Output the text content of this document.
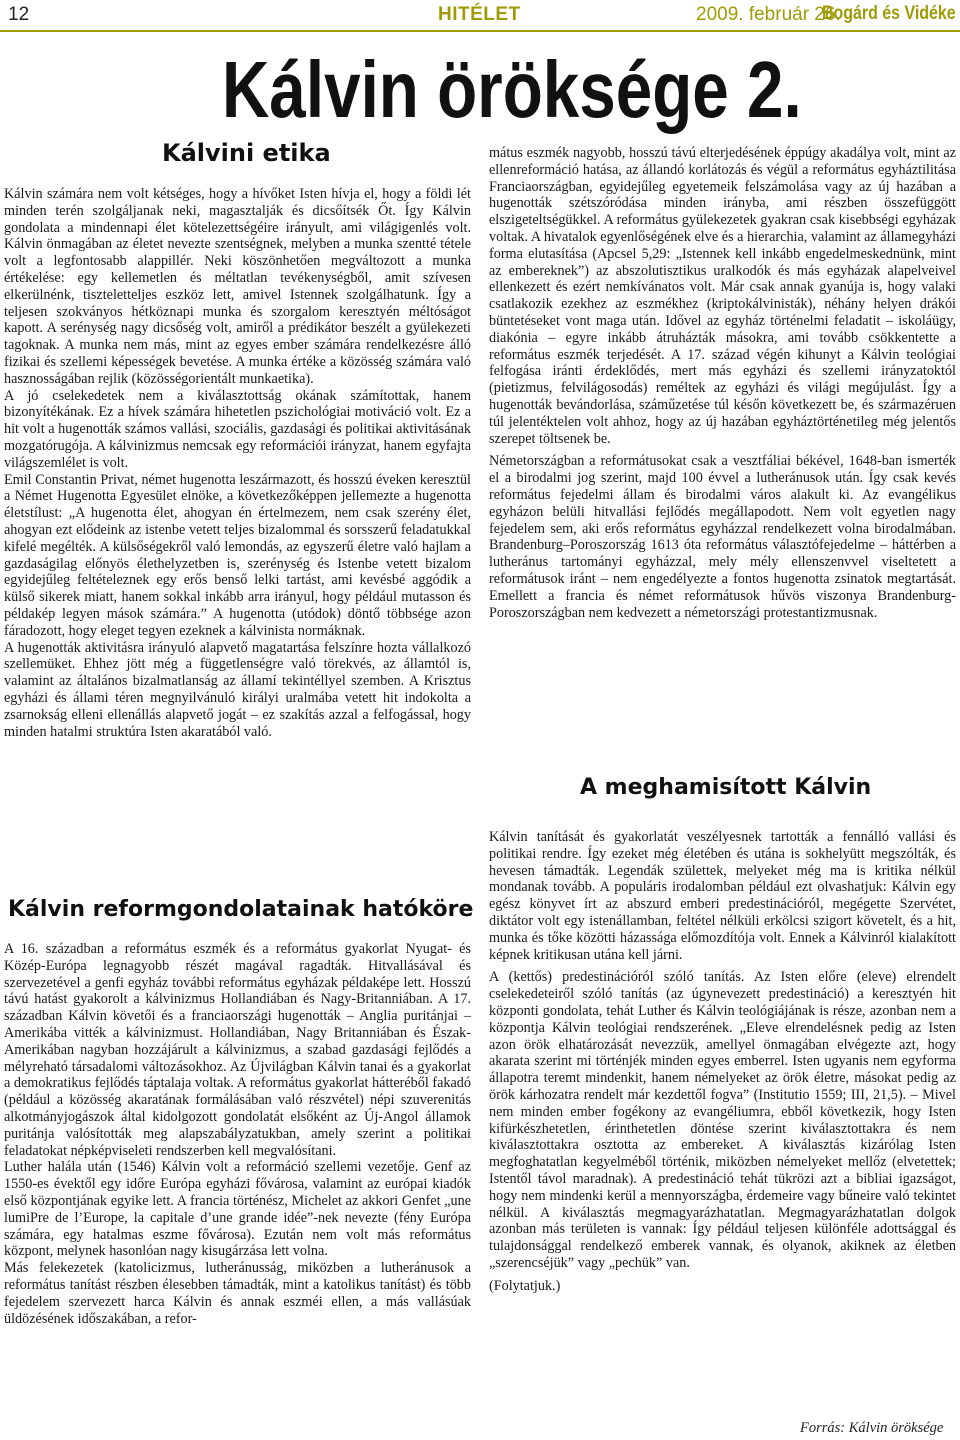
12	HITÉLET	2009. február 26.
Bogárd és Vidéke
Kálvin öröksége 2.
Kálvini etika

Kálvin számára nem volt kétséges, hogy a hívőket Isten hívja el, hogy a földi lét minden terén szolgáljanak neki, magasztalják és dicsőítsék Őt. Így Kálvin gondolata a mindennapi élet kötelezettségéire irányult, ami világigenlés volt. Kálvin önmagában az életet nevezte szentségnek, melyben a munka szentté tétele volt a legfontosabb alappillér. Neki köszönhetően megváltozott a munka értékelése: egy kellemetlen és méltatlan tevékenységből, amit szívesen elkerülnénk, tiszteletteljes eszköz lett, amivel Istennek szolgálhatunk. Így a teljesen szokványos hétköznapi munka és szorgalom keresztyén méltóságot kapott. A serénység nagy dicsőség volt, amiről a prédikátor beszélt a gyülekezeti tagoknak. A munka nem más, mint az egyes ember számára rendelkezésre álló fizikai és szellemi képességek bevetése. A munka értéke a közösség számára való hasznosságában rejlik (közösségorientált munkaetika).

A jó cselekedetek nem a kiválasztottság okának számítottak, hanem bizonyítékának. Ez a hívek számára hihetetlen pszichológiai motiváció volt. Ez a hit volt a hugenották számos vallási, szociális, gazdasági és politikai aktivitásának mozgatórugója. A kálvinizmus nemcsak egy reformációi irányzat, hanem egyfajta világszemlélet is volt.

Emil Constantin Privat, német hugenotta leszármazott, és hosszú éveken keresztül a Német Hugenotta Egyesület elnöke, a következőképpen jellemezte a hugenotta életstílust: „A hugenotta élet, ahogyan én értelmezem, nem csak szerény élet, ahogyan ezt elődeink az istenbe vetett teljes bizalommal és sorsszerű feladatukkal kifelé megélték. A külsőségekről való lemondás, az egyszerű életre való hajlam a gazdaságilag előnyös élethelyzetben is, szerénység és Istenbe vetett bizalom egyidejűleg feltételeznek egy erős benső lelki tartást, ami kevésbé aggódik a külső sikerek miatt, hanem sokkal inkább arra irányul, hogy például mutasson és példakép legyen mások számára.” A hugenotta (utódok) döntő többsége azon fáradozott, hogy eleget tegyen ezeknek a kálvinista normáknak.

A hugenották aktivitásra irányuló alapvető magatartása felszínre hozta vállalkozó szellemüket. Ehhez jött még a függetlenségre való törekvés, az államtól is, valamint az általános bizalmatlanság az államí tekintéllyel szemben. A Krisztus egyházi és állami téren megnyilvánuló királyi uralmába vetett hit indokolta a zsarnokság elleni ellenállás alapvető jogát – ez szakítás azzal a felfogással, hogy minden hatalmi struktúra Isten akaratából való.

Kálvin reformgondolatainak hatóköre

A 16. században a református eszmék és a református gyakorlat Nyugat- és Közép-Európa legnagyobb részét magával ragadták. Hitvallásával és szervezetével a genfi egyház további református egyházak példaképe lett. Hosszú távú hatást gyakorolt a kálvinizmus Hollandiában és Nagy-Britanniában. A 17. században Kálvin követői és a franciaországi hugenották – Anglia puritánjai – Amerikába vitték a kálvinizmust. Hollandiában, Nagy Britanniában és Észak-Amerikában nagyban hozzájárult a kálvinizmus, a szabad gazdasági fejlődés a mélyreható társadalomi változásokhoz. Az Újvilágban Kálvin tanai és a gyakorlat a demokratikus fejlődés táptalaja voltak. A református gyakorlat hátteréből fakadó (például a közösség akaratának formálásában való részvétel) népi szuverenitás alkotmányjogászok által kidolgozott gondolatát elsőként az Új-Angol államok puritánja valósították meg alapszabályzatukban, amely szerint a politikai feladatokat népképviseleti rendszerben kell megvalósítani.

Luther halála után (1546) Kálvin volt a reformáció szellemi vezetője. Genf az 1550-es évektől egy időre Európa egyházi fővárosa, valamint az európai kiadók első központjának egyike lett. A francia történész, Michelet az akkori Genfet „une lumiPre de l’Europe, la capitale d’une grande idée”-nek nevezte (fény Európa számára, egy hatalmas eszme fővárosa). Ezután nem volt más református központ, melynek hasonlóan nagy kisugárzása lett volna.

Más felekezetek (katolicizmus, lutheránusság, miközben a lutheránusok a református tanítást részben élesebben támadták, mint a katolikus tanítást) és több fejedelem szervezett harca Kálvin és annak eszméi ellen, a más vallásúak üldözésének időszakában, a refor-

mátus eszmék nagyobb, hosszú távú elterjedésének éppúgy akadálya volt, mint az ellenreformáció hatása, az állandó korlátozás és végül a református egyháztilitása Franciaországban, egyidejűleg egyetemeik felszámolása vagy az új hazában a hugenották szétszóródása minden irányba, ami részben összefüggött elszigeteltségükkel. A református gyülekezetek gyakran csak kisebbségi egyházak voltak. A hivatalok egyenlőségének elve és a hierarchia, valamint az államegyházi forma elutasítása (Apcsel 5,29: „Istennek kell inkább engedelmeskednünk, mint az embereknek”) az abszolutisztikus uralkodók és más egyházak alapelveivel ellenkezett és ezért nemkívánatos volt. Már csak annak gyanúja is, hogy valaki csatlakozik ezekhez az eszmékhez (kriptokálvinisták), néhány helyen drákói büntetéseket vont maga után. Idővel az egyház történelmi feladatit – iskoláügy, diakónia – egyre inkább átruházták másokra, ami tovább csökkentette a református eszmék terjedését. A 17. század végén kihunyt a Kálvin teológiai felfogása iránti érdeklődés, mert más egyházi és szellemi irányzatoktól (pietizmus, felvilágosodás) reméltek az egyházi és világi megújulást. Így a hugenották bevándorlása, száműzetése túl későn következett be, és származéruen túl jelentéktelen volt ahhoz, hogy az új hazában egyháztörténetileg még jelentős szerepet töltsenek be.

Németországban a reformátusokat csak a vesztfáliai békével, 1648-ban ismerték el a birodalmi jog szerint, majd 100 évvel a lutheránusok után. Így csak kevés református fejedelmi állam és birodalmi város alakult ki. Az evangélikus egyházon belüli hitvallási fejlődés megállapodott. Nem volt egyetlen nagy fejedelem sem, aki erős református egyházzal rendelkezett volna birodalmában. Brandenburg–Poroszország 1613 óta református választófejedelme – háttérben a lutheránus tartományi egyházzal, mely mély ellenszenvvel viseltetett a reformátusok iránt – nem engedélyezte a fontos hugenotta zsinatok megtartását. Emellett a francia és német reformátusok hűvös viszonya Brandenburg-Poroszországban nem kedvezett a németországi protestantizmusnak.

A meghamisított Kálvin

Kálvin tanítását és gyakorlatát veszélyesnek tartották a fennálló vallási és politikai rendre. Így ezeket még életében és utána is sokhelyütt megszólták, és hevesen támadták. Legendák születtek, melyeket még ma is kritika nélkül mondanak tovább. A populáris irodalomban például ezt olvashatjuk: Kálvin egy egész könyvet írt az abszurd emberi predestinációról, megégette Szervétet, diktátor volt egy istenállamban, feltétel nélküli erkölcsi szigort követelt, és a hit, munka és tőke közötti házassága előmozdítója volt. Ennek a Kálvinról kialakított képnek kritikusan utána kell járni.

A (kettős) predestinációról szóló tanítás. Az Isten előre (eleve) elrendelt cselekedeteiről szóló tanítás (az úgynevezett predestináció) a keresztyén hit központi gondolata, tehát Luther és Kálvin teológiájának is része, azonban nem a központja Kálvin teológiai rendszerének. „Eleve elrendelésnek pedig az Isten azon örök elhatározását nevezzük, amellyel önmagában elvégezte azt, hogy akarata szerint mi történjék minden egyes emberrel. Isten ugyanis nem egyforma állapotra teremt mindenkit, hanem némelyeket az örök életre, másokat pedig az örök kárhozatra rendelt már kezdettől fogva” (Institutio 1559; III, 21,5). – Mivel nem minden ember fogékony az evangéliumra, ebből következik, hogy Isten kifürkészhetetlen, érinthetetlen döntése szerint kiválasztottakra és nem kiválasztottakra osztotta az embereket. A kiválasztás kizárólag Isten megfoghatatlan kegyelméből történik, miközben némelyeket mellőz (elvetettek; Istentől távol maradnak). A predestináció tehát tükrözi azt a bibliai igazságot, hogy nem mindenki kerül a mennyországba, érdemeire vagy bűneire való tekintet nélkül. A kiválasztás megmagyarázhatatlan. Megmagyarázhatatlan dolgok azonban más területen is vannak: Így például teljesen különféle adottsággal és tulajdonsággal rendelkező emberek vannak, és olyanok, akiknek az életben „szerencséjük” vagy „pechük” van.

(Folytatjuk.)

Forrás: Kálvin öröksége
